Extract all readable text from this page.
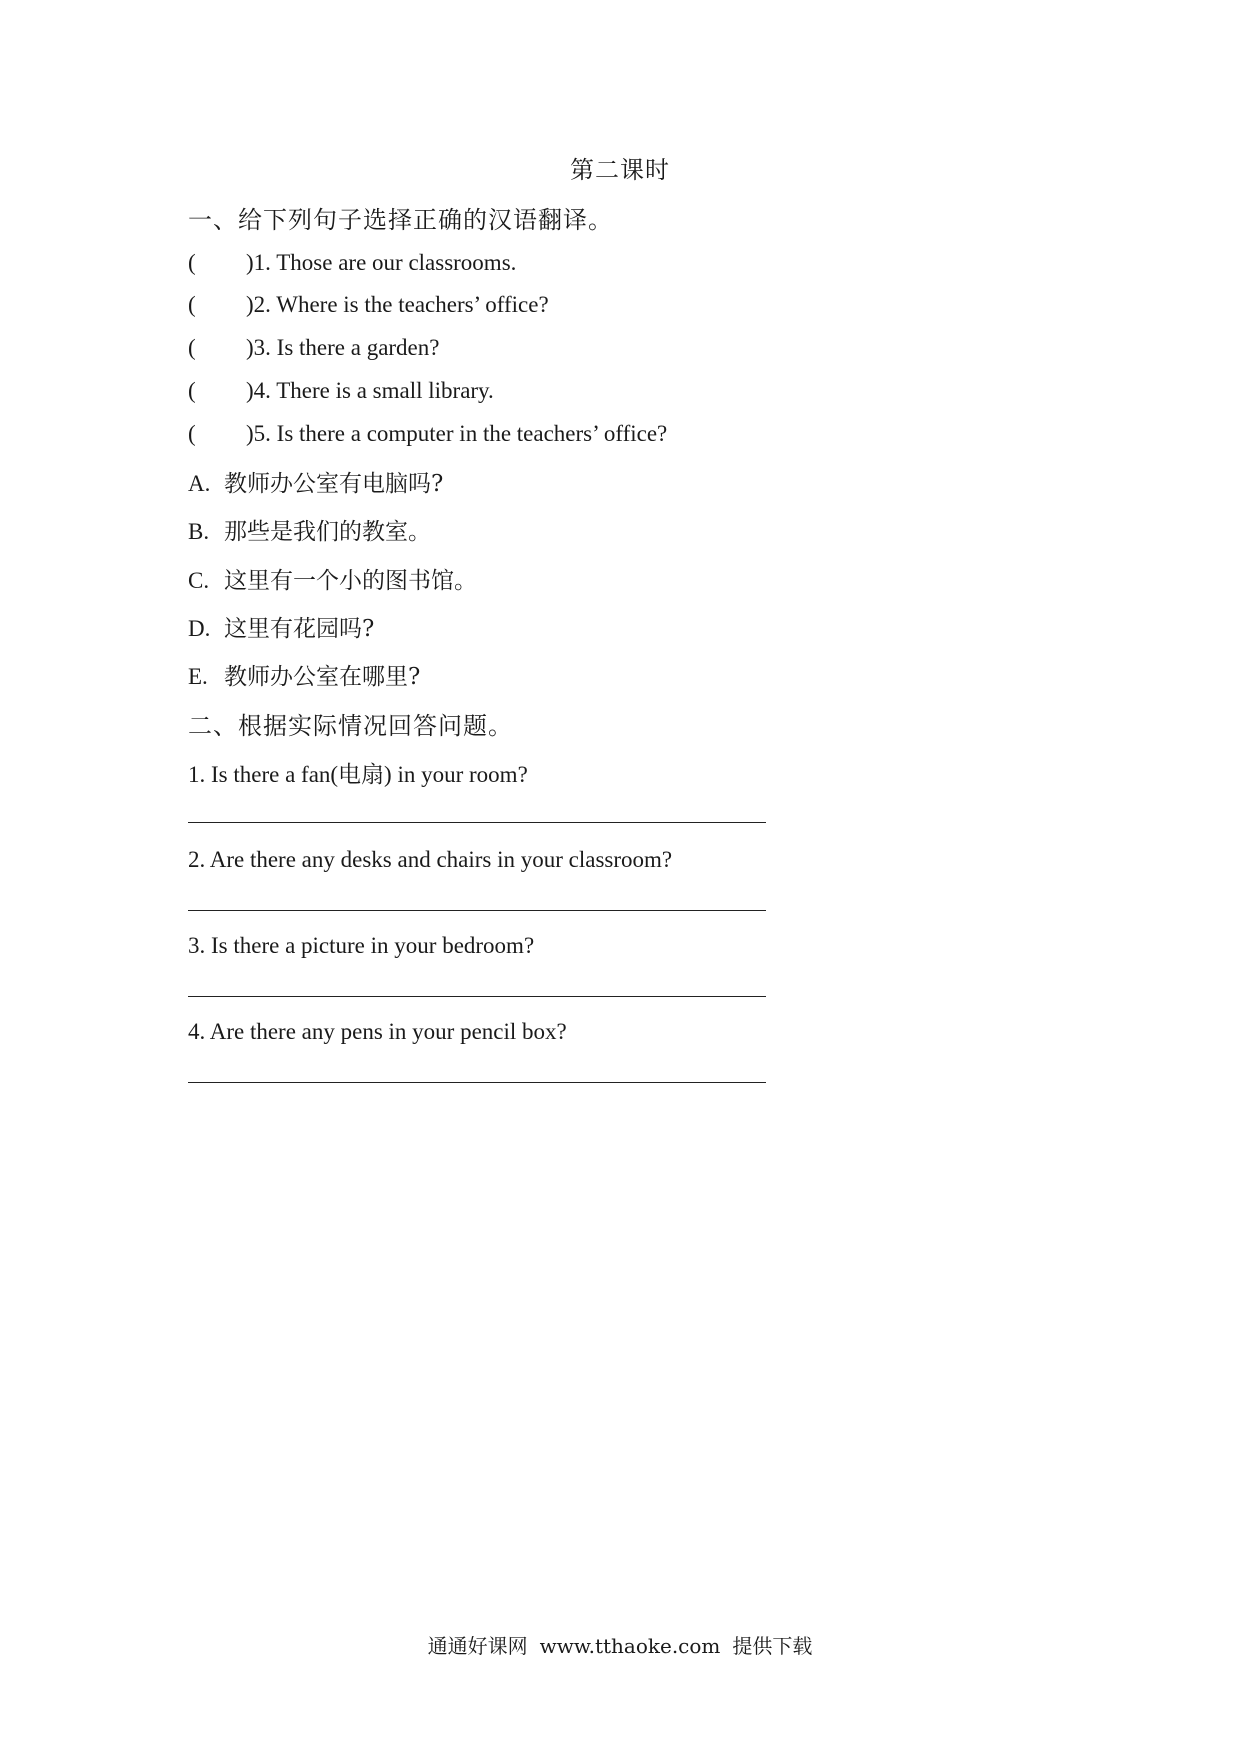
第二课时
一、给下列句子选择正确的汉语翻译。
( )1. Those are our classrooms.
( )2. Where is the teachers’ office?
( )3. Is there a garden?
( )4. There is a small library.
( )5. Is there a computer in the teachers’ office?
A. 教师办公室有电脑吗?
B. 那些是我们的教室。
C. 这里有一个小的图书馆。
D. 这里有花园吗?
E. 教师办公室在哪里?
二、根据实际情况回答问题。
1. Is there a fan(电扇) in your room?
2. Are there any desks and chairs in your classroom?
3. Is there a picture in your bedroom?
4. Are there any pens in your pencil box?
通通好课网 www.tthaoke.com 提供下载
